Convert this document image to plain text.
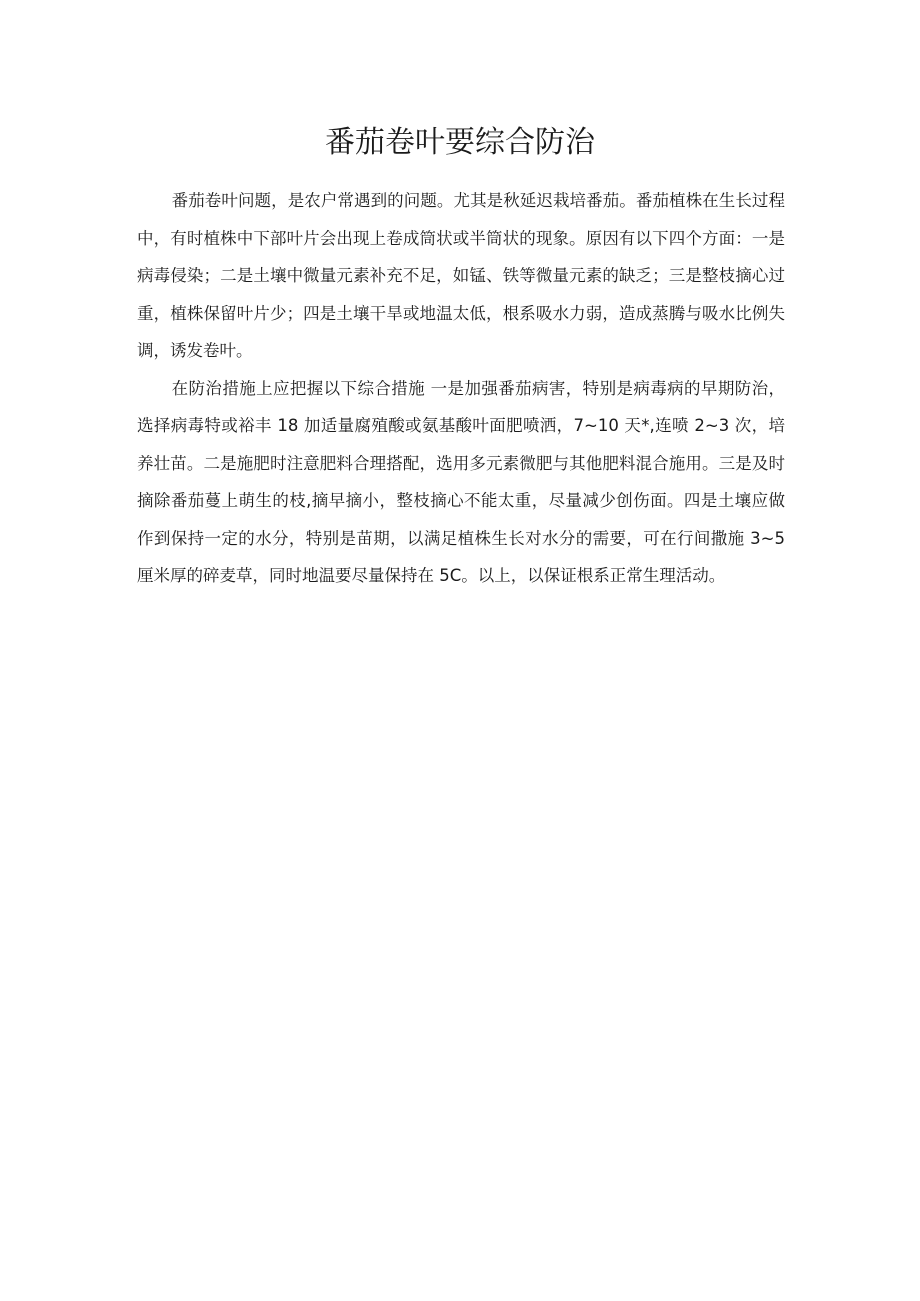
番茄卷叶要综合防治

番茄卷叶问题，是农户常遇到的问题。尤其是秋延迟栽培番茄。番茄植株在生长过程中，有时植株中下部叶片会出现上卷成筒状或半筒状的现象。原因有以下四个方面：一是病毒侵染；二是土壤中微量元素补充不足，如锰、铁等微量元素的缺乏；三是整枝摘心过重，植株保留叶片少；四是土壤干旱或地温太低，根系吸水力弱，造成蒸腾与吸水比例失调，诱发卷叶。

在防治措施上应把握以下综合措施 一是加强番茄病害，特别是病毒病的早期防治，选择病毒特或裕丰 18 加适量腐殖酸或氨基酸叶面肥喷洒，7~10 天*,连喷 2~3 次，培养壮苗。二是施肥时注意肥料合理搭配，选用多元素微肥与其他肥料混合施用。三是及时摘除番茄蔓上萌生的枝,摘早摘小，整枝摘心不能太重，尽量减少创伤面。四是土壤应做作到保持一定的水分，特别是苗期，以满足植株生长对水分的需要，可在行间撒施 3~5 厘米厚的碎麦草，同时地温要尽量保持在 5C。以上，以保证根系正常生理活动。
